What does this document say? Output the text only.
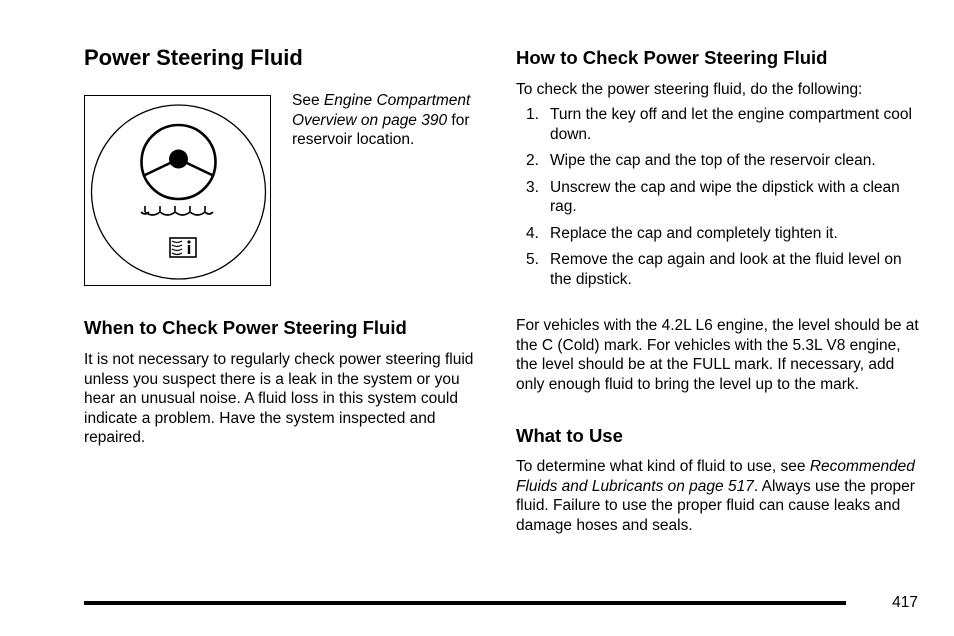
Power Steering Fluid

See Engine Compartment Overview on page 390 for reservoir location.

When to Check Power Steering Fluid

It is not necessary to regularly check power steering fluid unless you suspect there is a leak in the system or you hear an unusual noise. A fluid loss in this system could indicate a problem. Have the system inspected and repaired.

How to Check Power Steering Fluid

To check the power steering fluid, do the following:

1. Turn the key off and let the engine compartment cool down.
2. Wipe the cap and the top of the reservoir clean.
3. Unscrew the cap and wipe the dipstick with a clean rag.
4. Replace the cap and completely tighten it.
5. Remove the cap again and look at the fluid level on the dipstick.

For vehicles with the 4.2L L6 engine, the level should be at the C (Cold) mark. For vehicles with the 5.3L V8 engine, the level should be at the FULL mark. If necessary, add only enough fluid to bring the level up to the mark.

What to Use

To determine what kind of fluid to use, see Recommended Fluids and Lubricants on page 517. Always use the proper fluid. Failure to use the proper fluid can cause leaks and damage hoses and seals.

417
